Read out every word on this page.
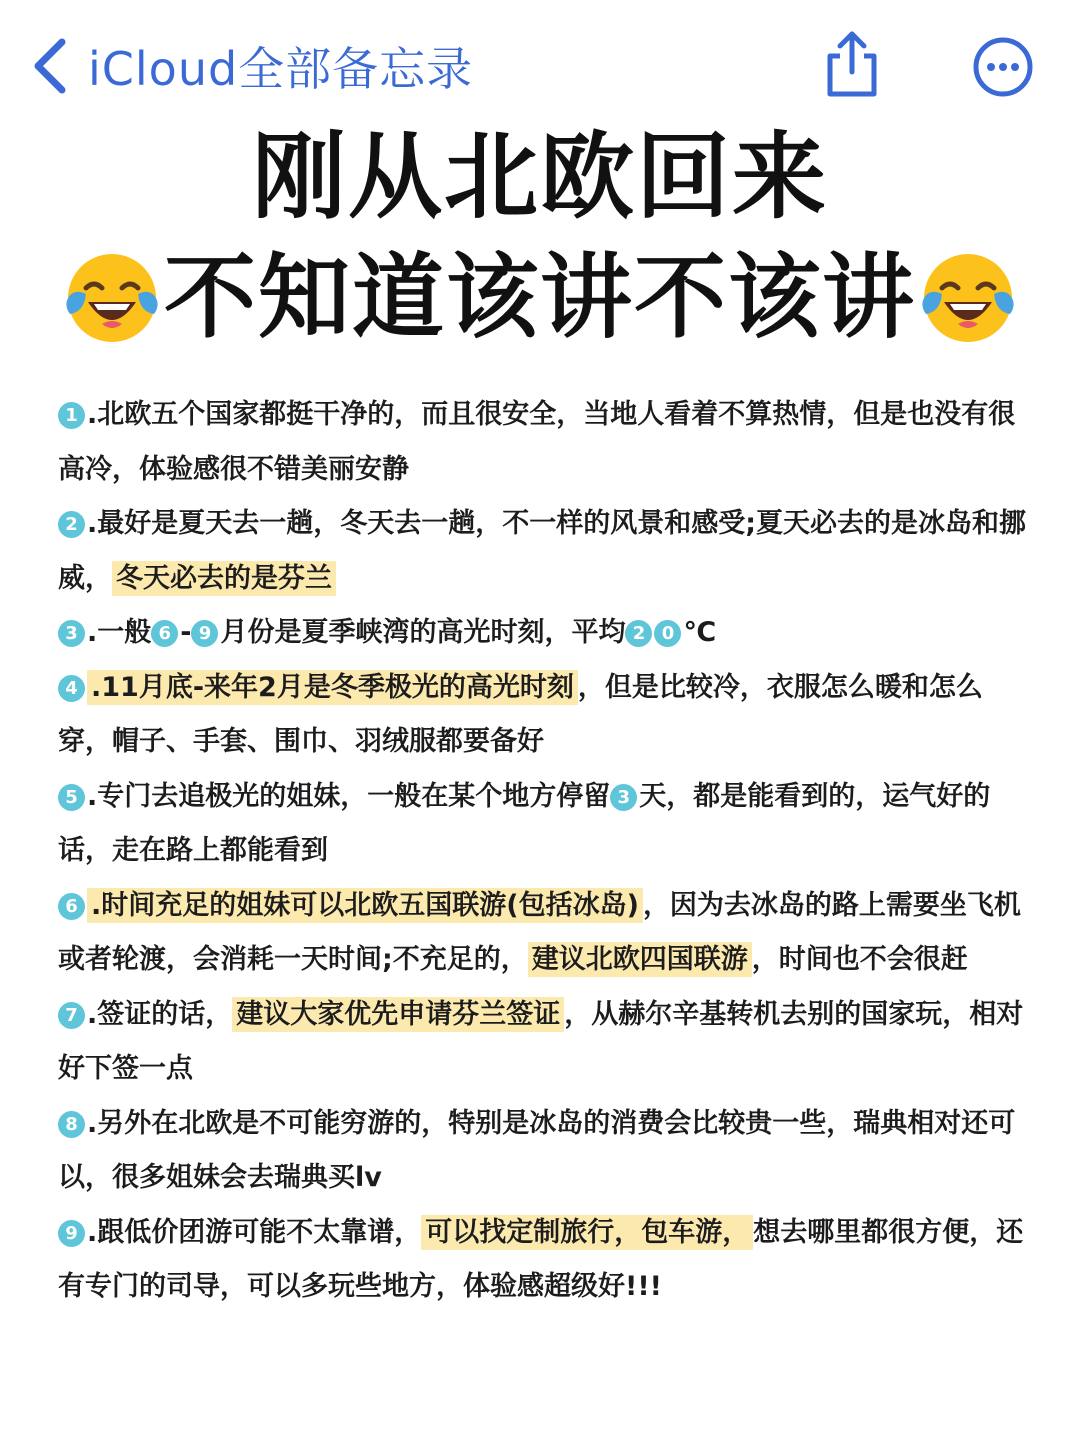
iCloud全部备忘录
刚从北欧回来
不知道该讲不该讲

1 .北欧五个国家都挺干净的，而且很安全，当地人看着不算热情，但是也没有很高冷，体验感很不错美丽安静

2 .最好是夏天去一趟，冬天去一趟，不一样的风景和感受;夏天必去的是冰岛和挪威， 冬天必去的是芬兰

3 .一般 6 - 9 月份是夏季峡湾的高光时刻，平均 2 0 ℃

4 .11月底-来年2月是冬季极光的高光时刻 ，但是比较冷，衣服怎么暖和怎么穿，帽子、手套、围巾、羽绒服都要备好

5 .专门去追极光的姐妹，一般在某个地方停留 3 天，都是能看到的，运气好的话，走在路上都能看到

6 .时间充足的姐妹可以北欧五国联游(包括冰岛) ，因为去冰岛的路上需要坐飞机或者轮渡，会消耗一天时间;不充足的， 建议北欧四国联游 ，时间也不会很赶

7 .签证的话， 建议大家优先申请芬兰签证 ，从赫尔辛基转机去别的国家玩，相对好下签一点

8 .另外在北欧是不可能穷游的，特别是冰岛的消费会比较贵一些，瑞典相对还可以，很多姐妹会去瑞典买lv

9 .跟低价团游可能不太靠谱， 可以找定制旅行，包车游， 想去哪里都很方便，还有专门的司导，可以多玩些地方，体验感超级好!!!
